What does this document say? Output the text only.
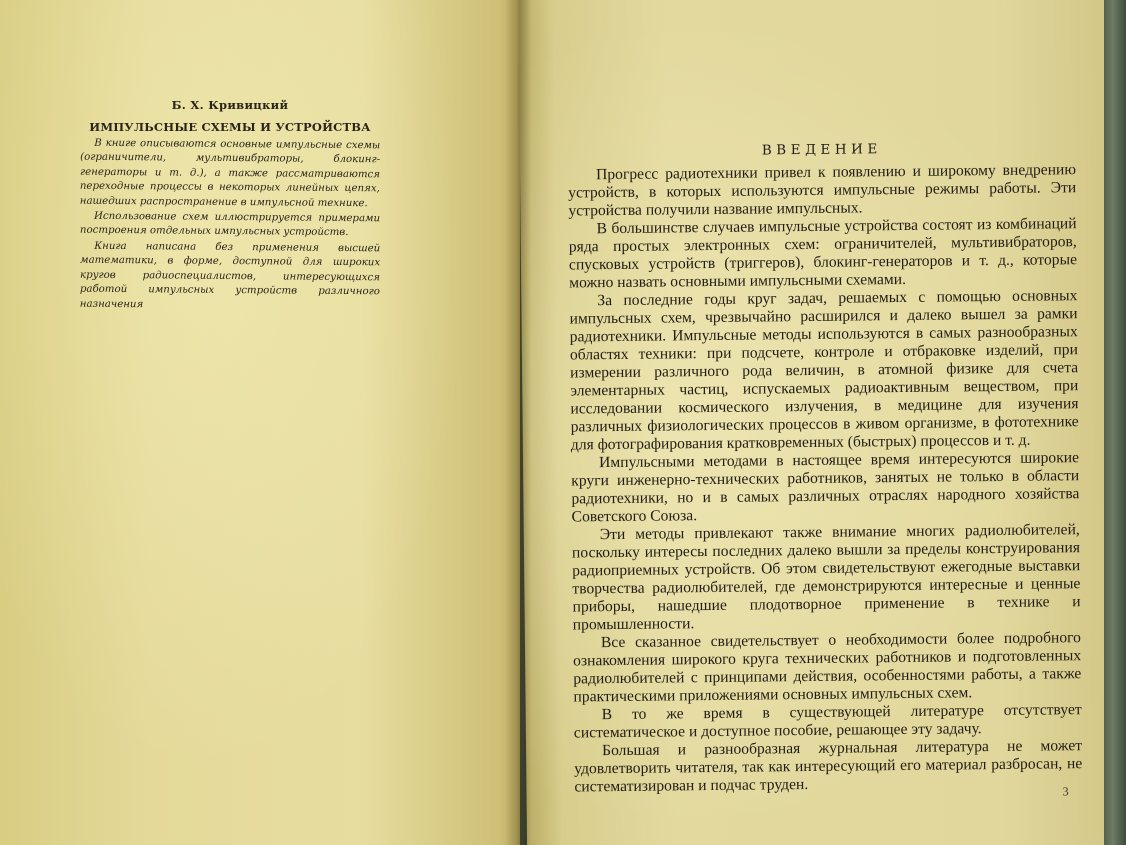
Б. Х. Кривицкий

ИМПУЛЬСНЫЕ СХЕМЫ И УСТРОЙСТВА

В книге описываются основные импульсные схемы (ограничители, мультивибраторы, блокинг-генераторы и т. д.), а также рассматриваются переходные процессы в некоторых линейных цепях, нашедших распространение в импульсной технике.

Использование схем иллюстрируется примерами построения отдельных импульсных устройств.

Книга написана без применения высшей математики, в форме, доступной для широких кругов радиоспециалистов, интересующихся работой импульсных устройств различного назначения

ВВЕДЕНИЕ

Прогресс радиотехники привел к появлению и широкому внедрению устройств, в которых используются импульсные режимы работы. Эти устройства получили название импульсных.

В большинстве случаев импульсные устройства состоят из комбинаций ряда простых электронных схем: ограничителей, мультивибраторов, спусковых устройств (триггеров), блокинг-генераторов и т. д., которые можно назвать основными импульсными схемами.

За последние годы круг задач, решаемых с помощью основных импульсных схем, чрезвычайно расширился и далеко вышел за рамки радиотехники. Импульсные методы используются в самых разнообразных областях техники: при подсчете, контроле и отбраковке изделий, при измерении различного рода величин, в атомной физике для счета элементарных частиц, испускаемых радиоактивным веществом, при исследовании космического излучения, в медицине для изучения различных физиологических процессов в живом организме, в фототехнике для фотографирования кратковременных (быстрых) процессов и т. д.

Импульсными методами в настоящее время интересуются широкие круги инженерно-технических работников, занятых не только в области радиотехники, но и в самых различных отраслях народного хозяйства Советского Союза.

Эти методы привлекают также внимание многих радиолюбителей, поскольку интересы последних далеко вышли за пределы конструирования радиоприемных устройств. Об этом свидетельствуют ежегодные выставки творчества радиолюбителей, где демонстрируются интересные и ценные приборы, нашедшие плодотворное применение в технике и промышленности.

Все сказанное свидетельствует о необходимости более подробного ознакомления широкого круга технических работников и подготовленных радиолюбителей с принципами действия, особенностями работы, а также практическими приложениями основных импульсных схем.

В то же время в существующей литературе отсутствует систематическое и доступное пособие, решающее эту задачу.

Большая и разнообразная журнальная литература не может удовлетворить читателя, так как интересующий его материал разбросан, не систематизирован и подчас труден.	3
